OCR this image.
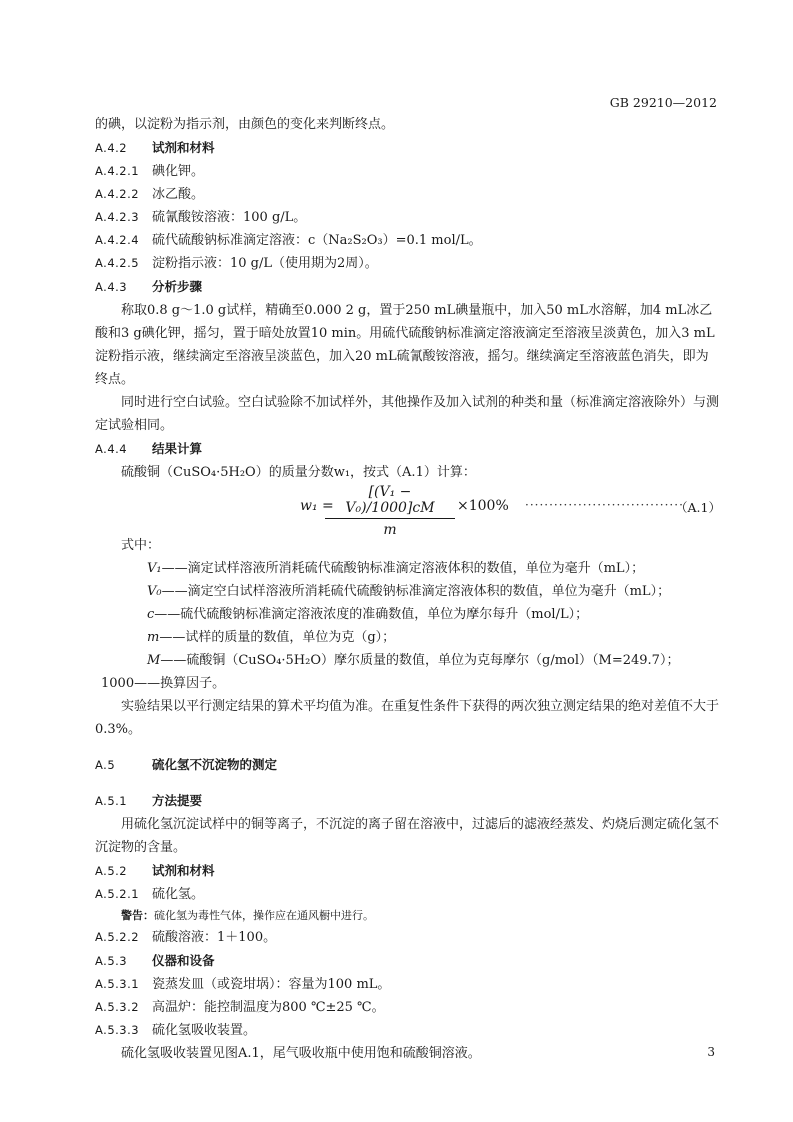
GB 29210—2012
的碘，以淀粉为指示剂，由颜色的变化来判断终点。
A.4.2 试剂和材料
A.4.2.1 碘化钾。
A.4.2.2 冰乙酸。
A.4.2.3 硫氰酸铵溶液：100 g/L。
A.4.2.4 硫代硫酸钠标准滴定溶液：c（Na₂S₂O₃）=0.1 mol/L。
A.4.2.5 淀粉指示液：10 g/L（使用期为2周）。
A.4.3 分析步骤
称取0.8 g～1.0 g试样，精确至0.000 2 g，置于250 mL碘量瓶中，加入50 mL水溶解，加4 mL冰乙酸和3 g碘化钾，摇匀，置于暗处放置10 min。用硫代硫酸钠标准滴定溶液滴定至溶液呈淡黄色，加入3 mL淀粉指示液，继续滴定至溶液呈淡蓝色，加入20 mL硫氰酸铵溶液，摇匀。继续滴定至溶液蓝色消失，即为终点。
同时进行空白试验。空白试验除不加试样外，其他操作及加入试剂的种类和量（标准滴定溶液除外）与测定试验相同。
A.4.4 结果计算
硫酸铜（CuSO₄·5H₂O）的质量分数w₁，按式（A.1）计算：
w₁ =
$\frac{\text{[(V₁ − V₀)/1000]cM}}{m} \times 100\%$ ·································
（A.1）
式中：
V₁——滴定试样溶液所消耗硫代硫酸钠标准滴定溶液体积的数值，单位为毫升（mL）；
V₀——滴定空白试样溶液所消耗硫代硫酸钠标准滴定溶液体积的数值，单位为毫升（mL）；
c——硫代硫酸钠标准滴定溶液浓度的准确数值，单位为摩尔每升（mol/L）；
m——试样的质量的数值，单位为克（g）；
M——硫酸铜（CuSO₄·5H₂O）摩尔质量的数值，单位为克每摩尔（g/mol）（M=249.7）；
1000——换算因子。
实验结果以平行测定结果的算术平均值为准。在重复性条件下获得的两次独立测定结果的绝对差值不大于0.3%。
A.5	硫化氢不沉淀物的测定
A.5.1 方法提要
用硫化氢沉淀试样中的铜等离子，不沉淀的离子留在溶液中，过滤后的滤液经蒸发、灼烧后测定硫化氢不沉淀物的含量。
A.5.2 试剂和材料
A.5.2.1 硫化氢。
警告：硫化氢为毒性气体，操作应在通风橱中进行。
A.5.2.2 硫酸溶液：1＋100。
A.5.3 仪器和设备
A.5.3.1 瓷蒸发皿（或瓷坩埚）：容量为100 mL。
A.5.3.2 高温炉：能控制温度为800 ℃±25 ℃。
A.5.3.3 硫化氢吸收装置。
硫化氢吸收装置见图A.1，尾气吸收瓶中使用饱和硫酸铜溶液。	3
